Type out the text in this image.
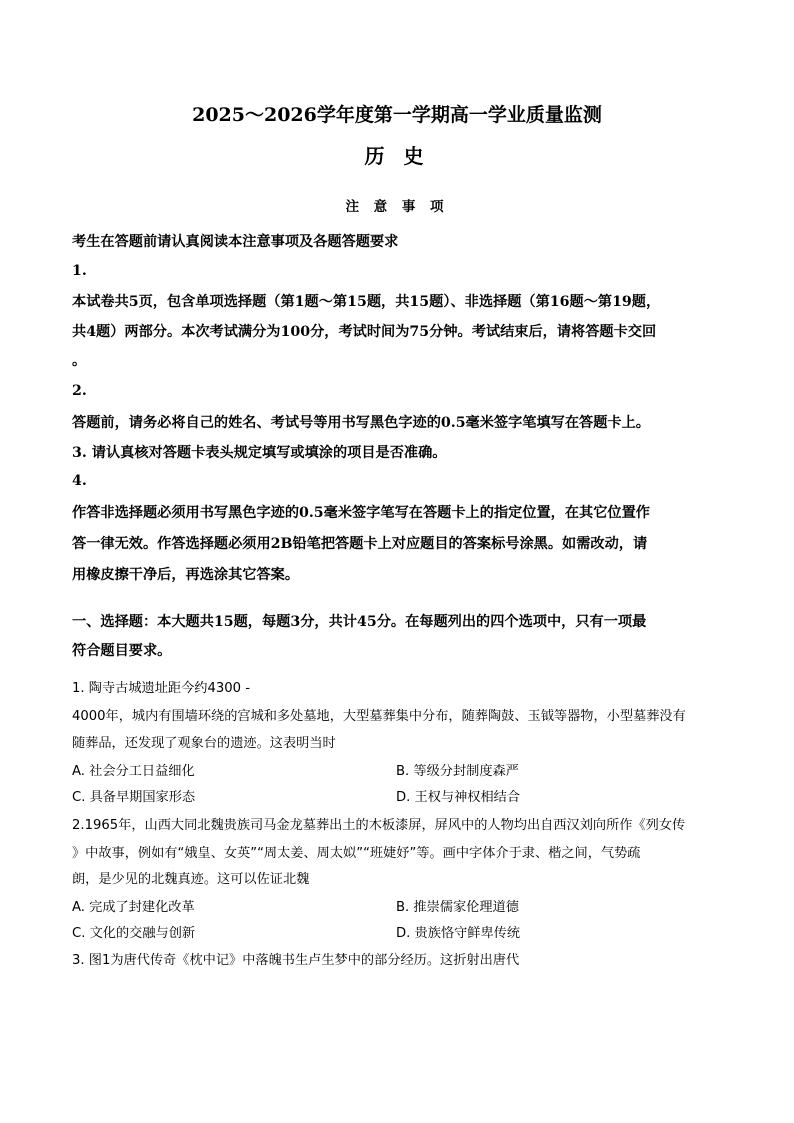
2025～2026学年度第一学期高一学业质量监测
历 史
注 意 事 项
考生在答题前请认真阅读本注意事项及各题答题要求
1.
本试卷共5页，包含单项选择题（第1题～第15题，共15题）、非选择题（第16题～第19题，
共4题）两部分。本次考试满分为100分，考试时间为75分钟。考试结束后，请将答题卡交回
。
2.
答题前，请务必将自己的姓名、考试号等用书写黑色字迹的0.5毫米签字笔填写在答题卡上。
3. 请认真核对答题卡表头规定填写或填涂的项目是否准确。
4.
作答非选择题必须用书写黑色字迹的0.5毫米签字笔写在答题卡上的指定位置，在其它位置作
答一律无效。作答选择题必须用2B铅笔把答题卡上对应题目的答案标号涂黑。如需改动，请
用橡皮擦干净后，再选涂其它答案。
一、选择题：本大题共15题，每题3分，共计45分。在每题列出的四个选项中，只有一项最
符合题目要求。
1. 陶寺古城遗址距今约4300 -
4000年，城内有围墙环绕的宫城和多处墓地，大型墓葬集中分布，随葬陶鼓、玉钺等器物，小型墓葬没有
随葬品，还发现了观象台的遗迹。这表明当时
A. 社会分工日益细化	B. 等级分封制度森严
C. 具备早期国家形态	D. 王权与神权相结合
2.1965年，山西大同北魏贵族司马金龙墓葬出土的木板漆屏，屏风中的人物均出自西汉刘向所作《列女传
》中故事，例如有“娥皇、女英”“周太姜、周太姒”“班婕妤”等。画中字体介于隶、楷之间，气势疏
朗，是少见的北魏真迹。这可以佐证北魏
A. 完成了封建化改革	B. 推崇儒家伦理道德
C. 文化的交融与创新	D. 贵族恪守鲜卑传统
3. 图1为唐代传奇《枕中记》中落魄书生卢生梦中的部分经历。这折射出唐代
